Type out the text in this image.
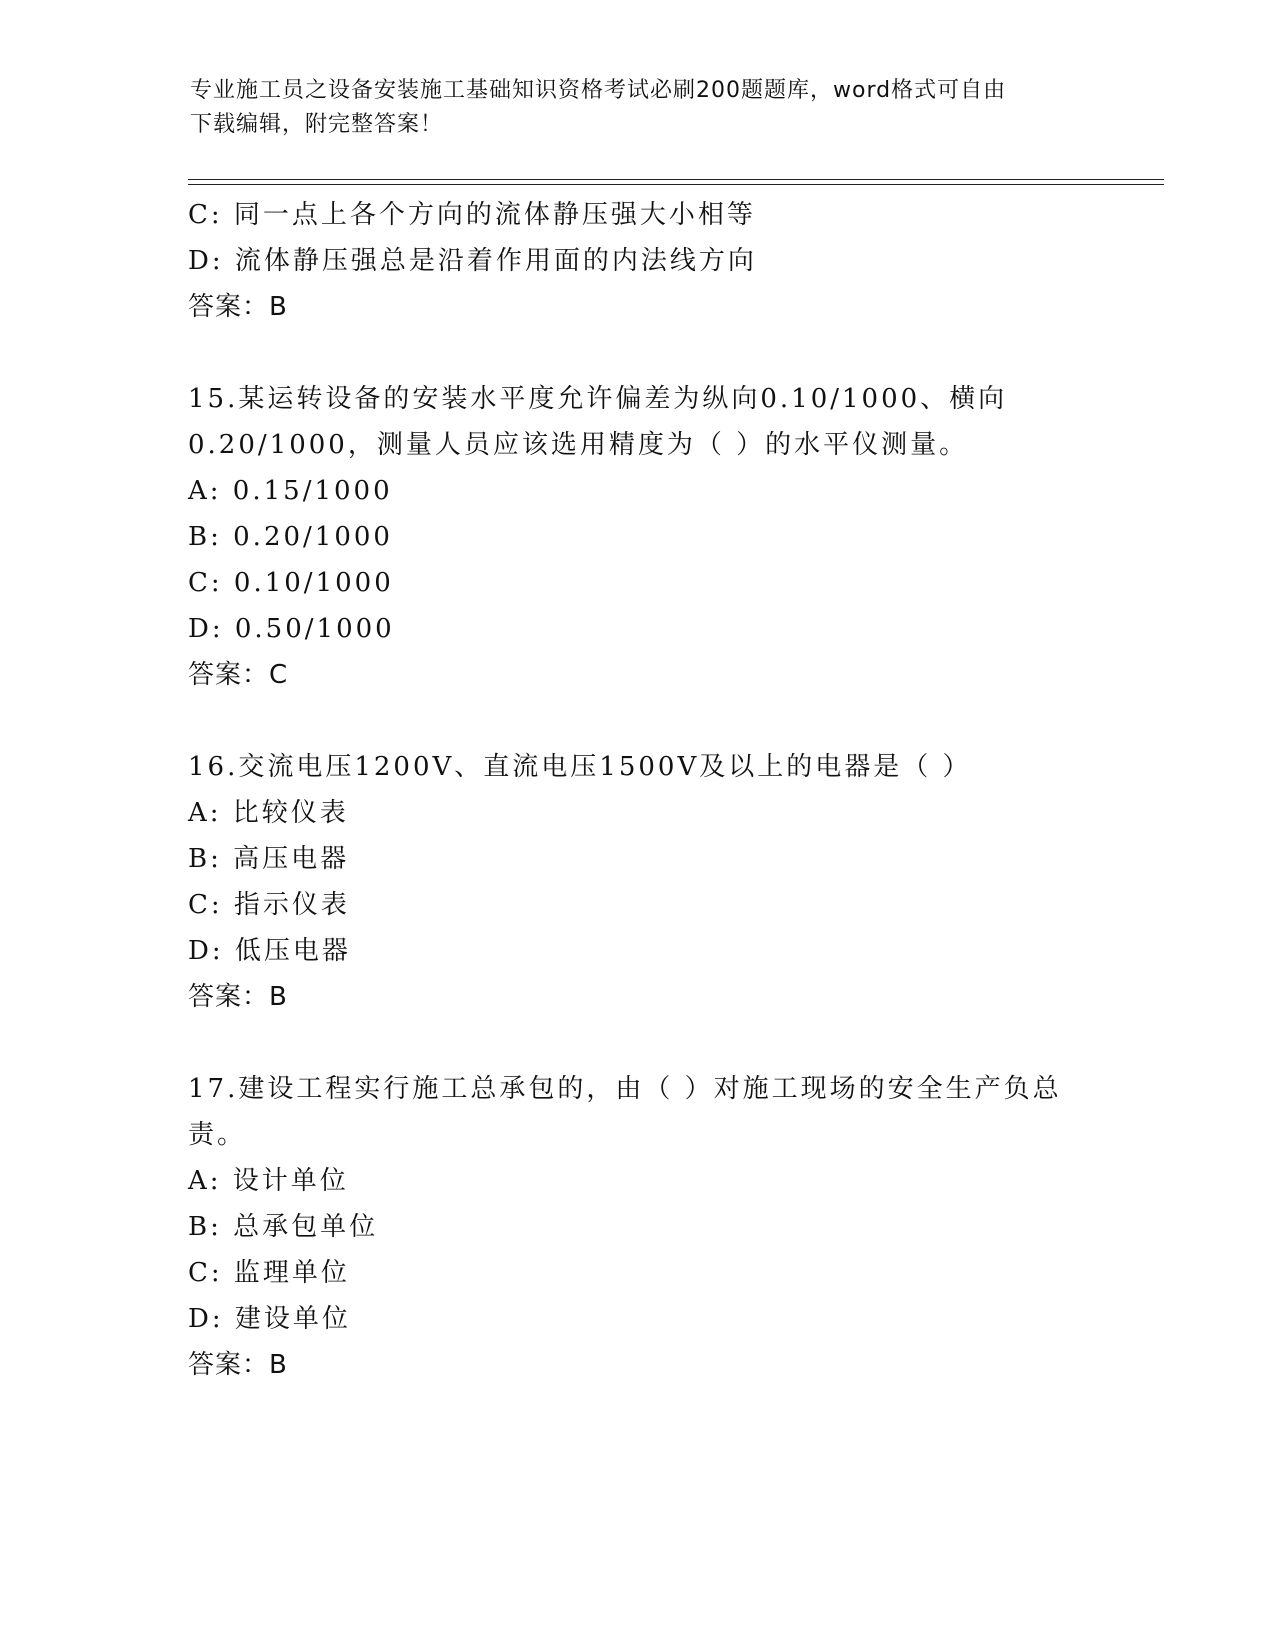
专业施工员之设备安装施工基础知识资格考试必刷200题题库，word格式可自由
下载编辑，附完整答案！
C: 同一点上各个方向的流体静压强大小相等
D: 流体静压强总是沿着作用面的内法线方向
答案：B
15.某运转设备的安装水平度允许偏差为纵向0.10/1000、横向
0.20/1000，测量人员应该选用精度为（ ）的水平仪测量。
A: 0.15/1000
B: 0.20/1000
C: 0.10/1000
D: 0.50/1000
答案：C
16.交流电压1200V、直流电压1500V及以上的电器是（ ）
A: 比较仪表
B: 高压电器
C: 指示仪表
D: 低压电器
答案：B
17.建设工程实行施工总承包的，由（ ）对施工现场的安全生产负总
责。
A: 设计单位
B: 总承包单位
C: 监理单位
D: 建设单位
答案：B
